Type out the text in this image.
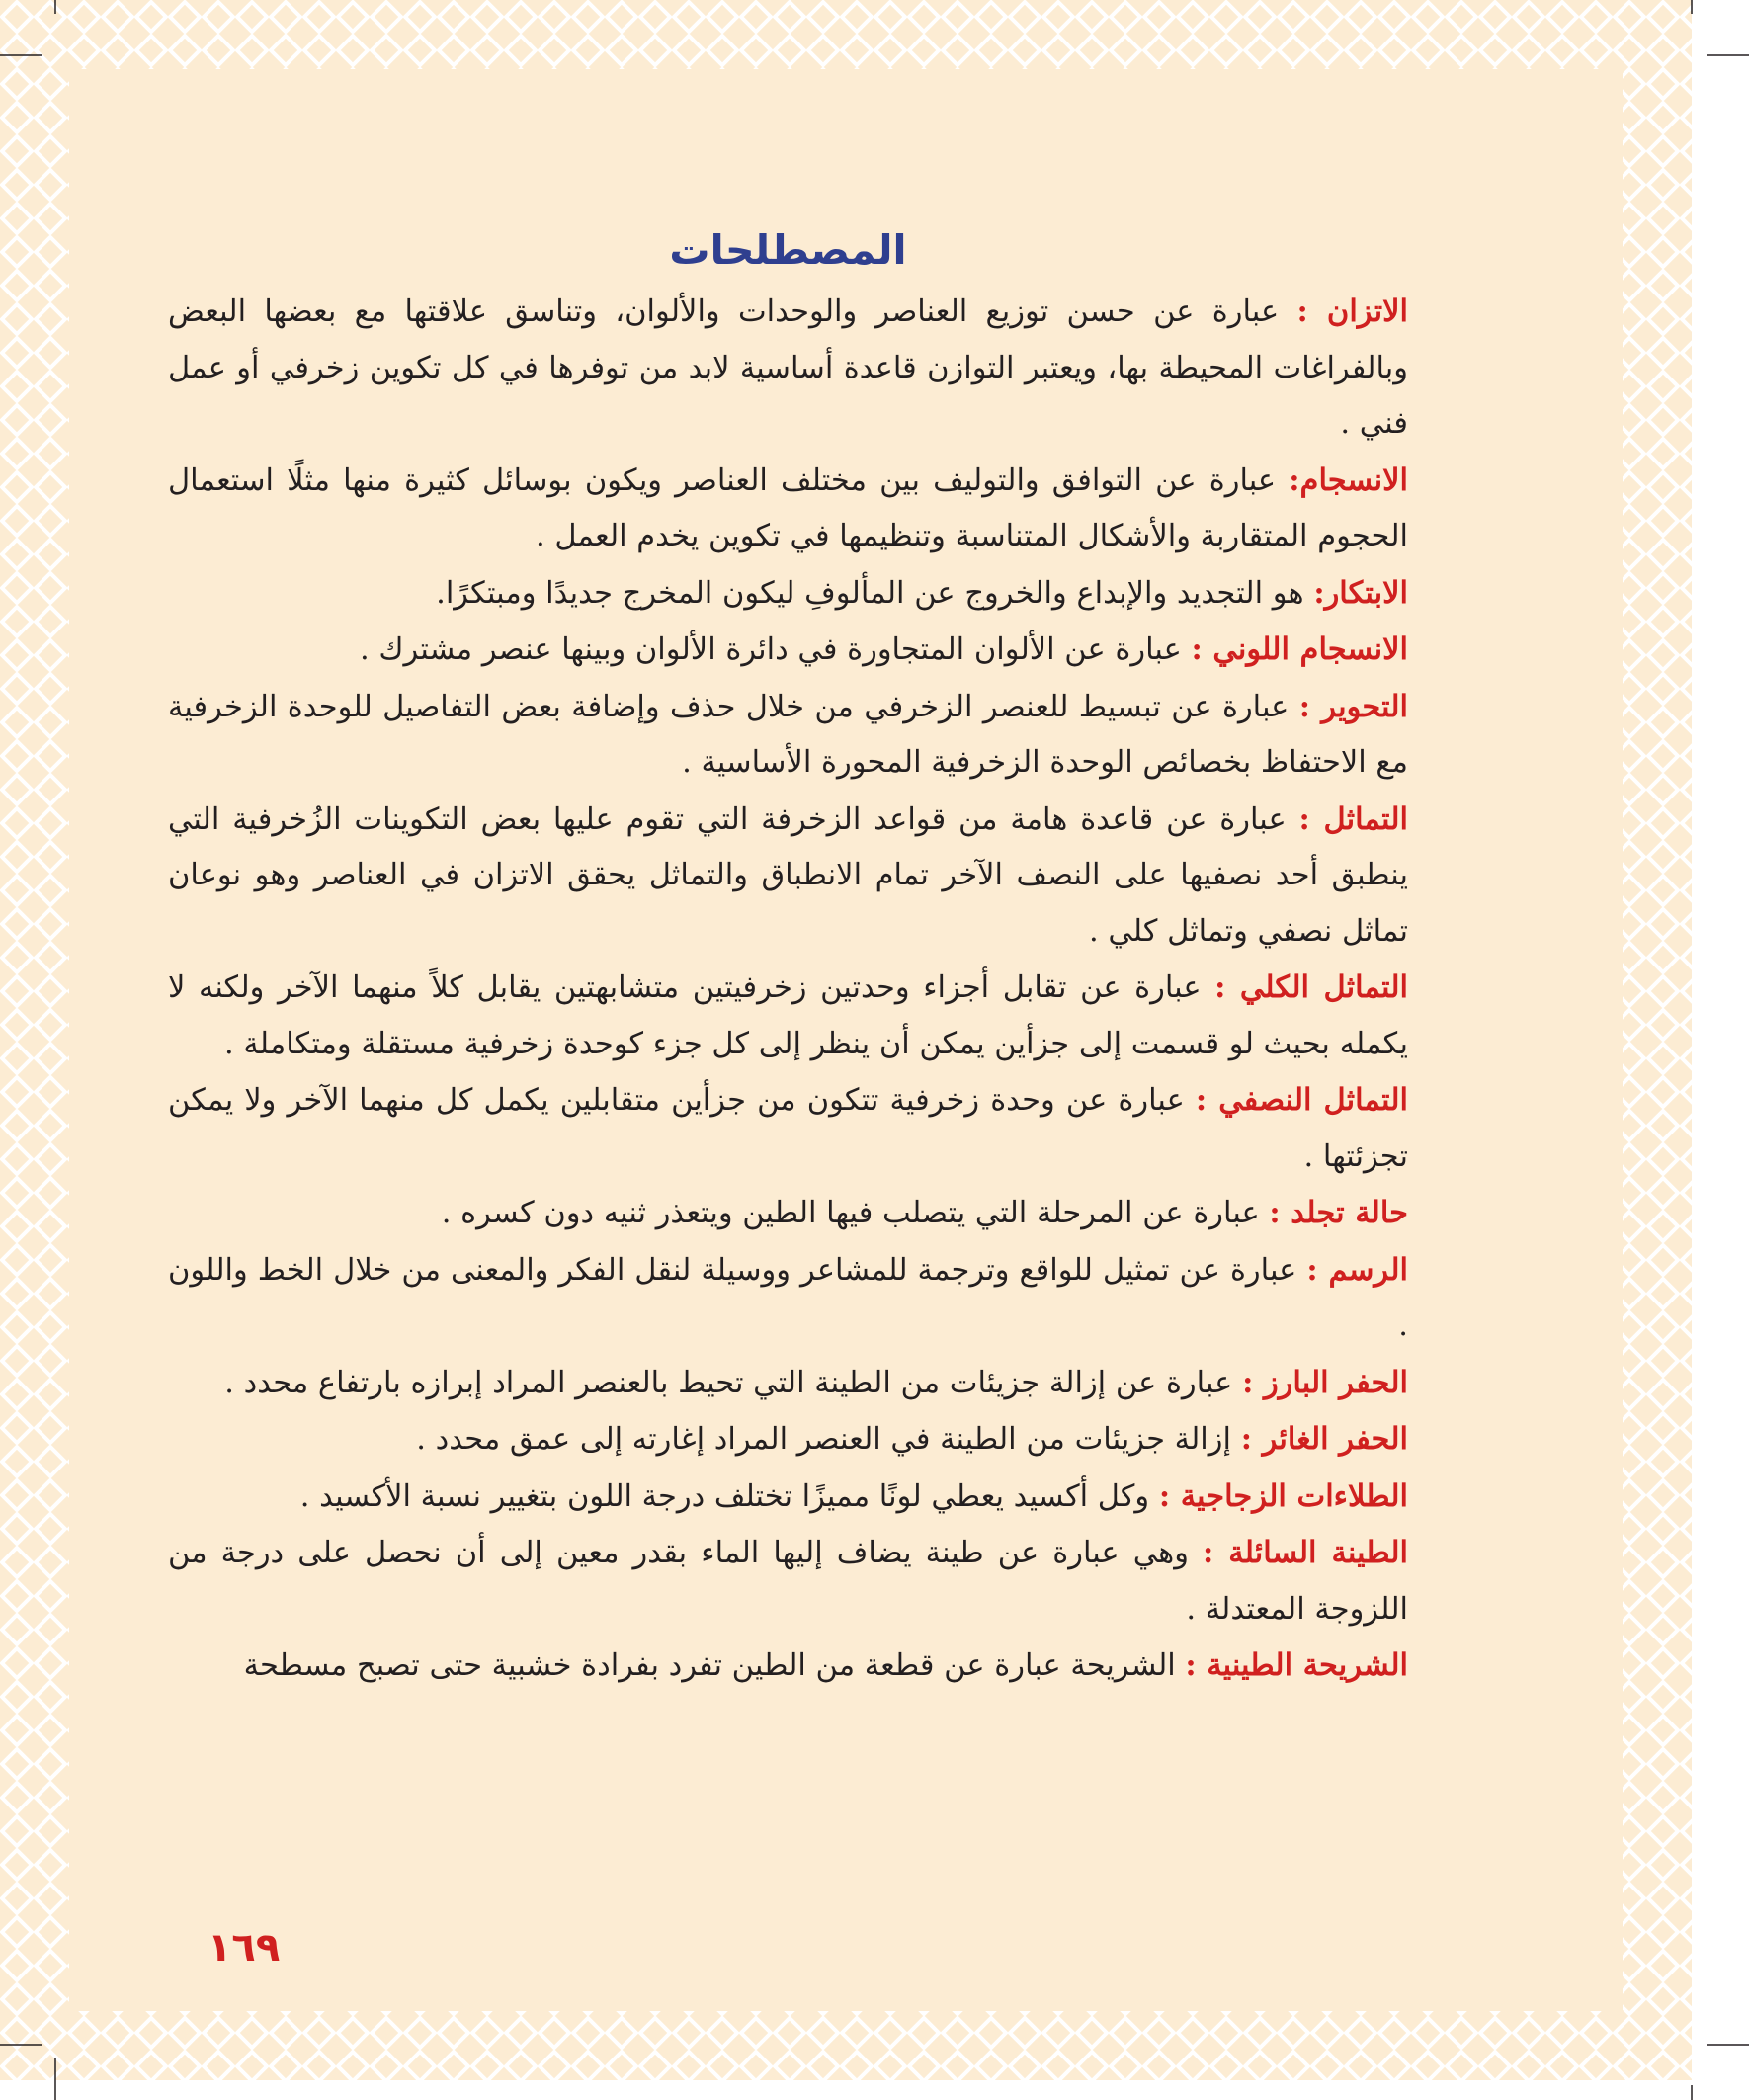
المصطلحات

الاتزان : عبارة عن حسن توزيع العناصر والوحدات والألوان، وتناسق علاقتها مع بعضها البعض وبالفراغات المحيطة بها، ويعتبر التوازن قاعدة أساسية لابد من توفرها في كل تكوين زخرفي أو عمل فني .

الانسجام: عبارة عن التوافق والتوليف بين مختلف العناصر ويكون بوسائل كثيرة منها مثلًا استعمال الحجوم المتقاربة والأشكال المتناسبة وتنظيمها في تكوين يخدم العمل .

الابتكار: هو التجديد والإبداع والخروج عن المألوفِ ليكون المخرج جديدًا ومبتكرًا.

الانسجام اللوني : عبارة عن الألوان المتجاورة في دائرة الألوان وبينها عنصر مشترك .

التحوير : عبارة عن تبسيط للعنصر الزخرفي من خلال حذف وإضافة بعض التفاصيل للوحدة الزخرفية مع الاحتفاظ بخصائص الوحدة الزخرفية المحورة الأساسية .

التماثل : عبارة عن قاعدة هامة من قواعد الزخرفة التي تقوم عليها بعض التكوينات الزُخرفية التي ينطبق أحد نصفيها على النصف الآخر تمام الانطباق والتماثل يحقق الاتزان في العناصر وهو نوعان تماثل نصفي وتماثل كلي .

التماثل الكلي : عبارة عن تقابل أجزاء وحدتين زخرفيتين متشابهتين يقابل كلاً منهما الآخر ولكنه لا يكمله بحيث لو قسمت إلى جزأين يمكن أن ينظر إلى كل جزء كوحدة زخرفية مستقلة ومتكاملة .

التماثل النصفي : عبارة عن وحدة زخرفية تتكون من جزأين متقابلين يكمل كل منهما الآخر ولا يمكن تجزئتها .

حالة تجلد : عبارة عن المرحلة التي يتصلب فيها الطين ويتعذر ثنيه دون كسره .

الرسم : عبارة عن تمثيل للواقع وترجمة للمشاعر ووسيلة لنقل الفكر والمعنى من خلال الخط واللون .

الحفر البارز : عبارة عن إزالة جزيئات من الطينة التي تحيط بالعنصر المراد إبرازه بارتفاع محدد .

الحفر الغائر : إزالة جزيئات من الطينة في العنصر المراد إغارته إلى عمق محدد .

الطلاءات الزجاجية : وكل أكسيد يعطي لونًا مميزًا تختلف درجة اللون بتغيير نسبة الأكسيد .

الطينة السائلة : وهي عبارة عن طينة يضاف إليها الماء بقدر معين إلى أن نحصل على درجة من اللزوجة المعتدلة .

الشريحة الطينية : الشريحة عبارة عن قطعة من الطين تفرد بفرادة خشبية حتى تصبح مسطحة

١٦٩
